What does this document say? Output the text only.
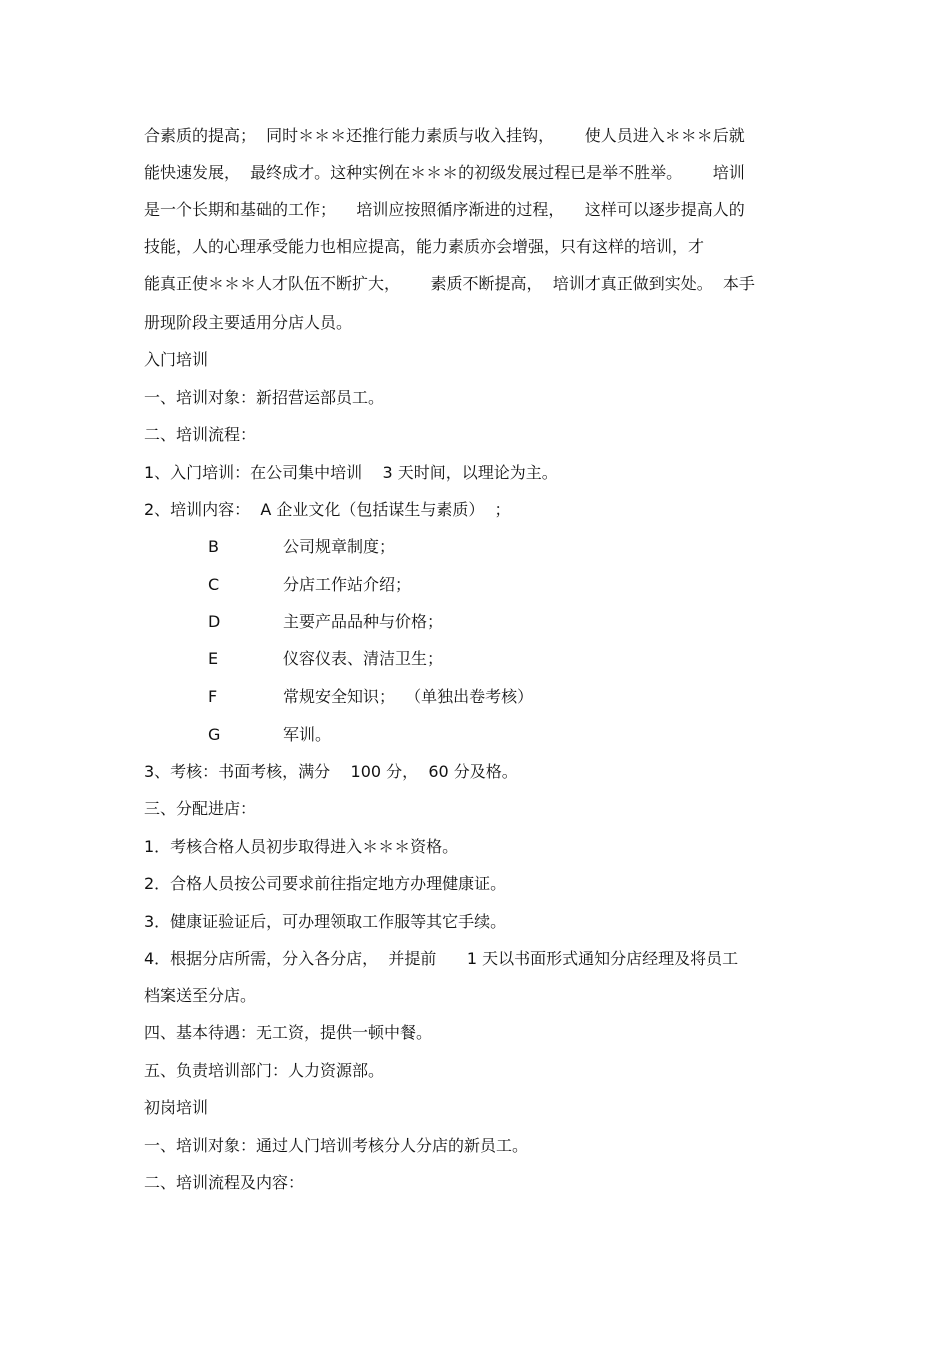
合素质的提高；  同时＊＊＊还推行能力素质与收入挂钩，      使人员进入＊＊＊后就
能快速发展，  最终成才。这种实例在＊＊＊的初级发展过程已是举不胜举。      培训
是一个长期和基础的工作；    培训应按照循序渐进的过程，    这样可以逐步提高人的
技能，人的心理承受能力也相应提高，能力素质亦会增强，只有这样的培训，才
能真正使＊＊＊人才队伍不断扩大，      素质不断提高，  培训才真正做到实处。  本手
册现阶段主要适用分店人员。
入门培训
一、培训对象：新招营运部员工。
二、培训流程：
1、入门培训：在公司集中培训    3 天时间，以理论为主。
2、培训内容：  A 企业文化（包括谋生与素质）  ；
B	公司规章制度；
C	分店工作站介绍；
D	主要产品品种与价格；
E	仪容仪表、清洁卫生；
F	常规安全知识；  （单独出卷考核）
G	军训。
3、考核：书面考核，满分    100 分，  60 分及格。
三、分配进店：
1．考核合格人员初步取得进入＊＊＊资格。
2．合格人员按公司要求前往指定地方办理健康证。
3．健康证验证后，可办理领取工作服等其它手续。
4．根据分店所需，分入各分店，  并提前      1 天以书面形式通知分店经理及将员工
档案送至分店。
四、基本待遇：无工资，提供一顿中餐。
五、负责培训部门：人力资源部。
初岗培训
一、培训对象：通过人门培训考核分人分店的新员工。
二、培训流程及内容：
